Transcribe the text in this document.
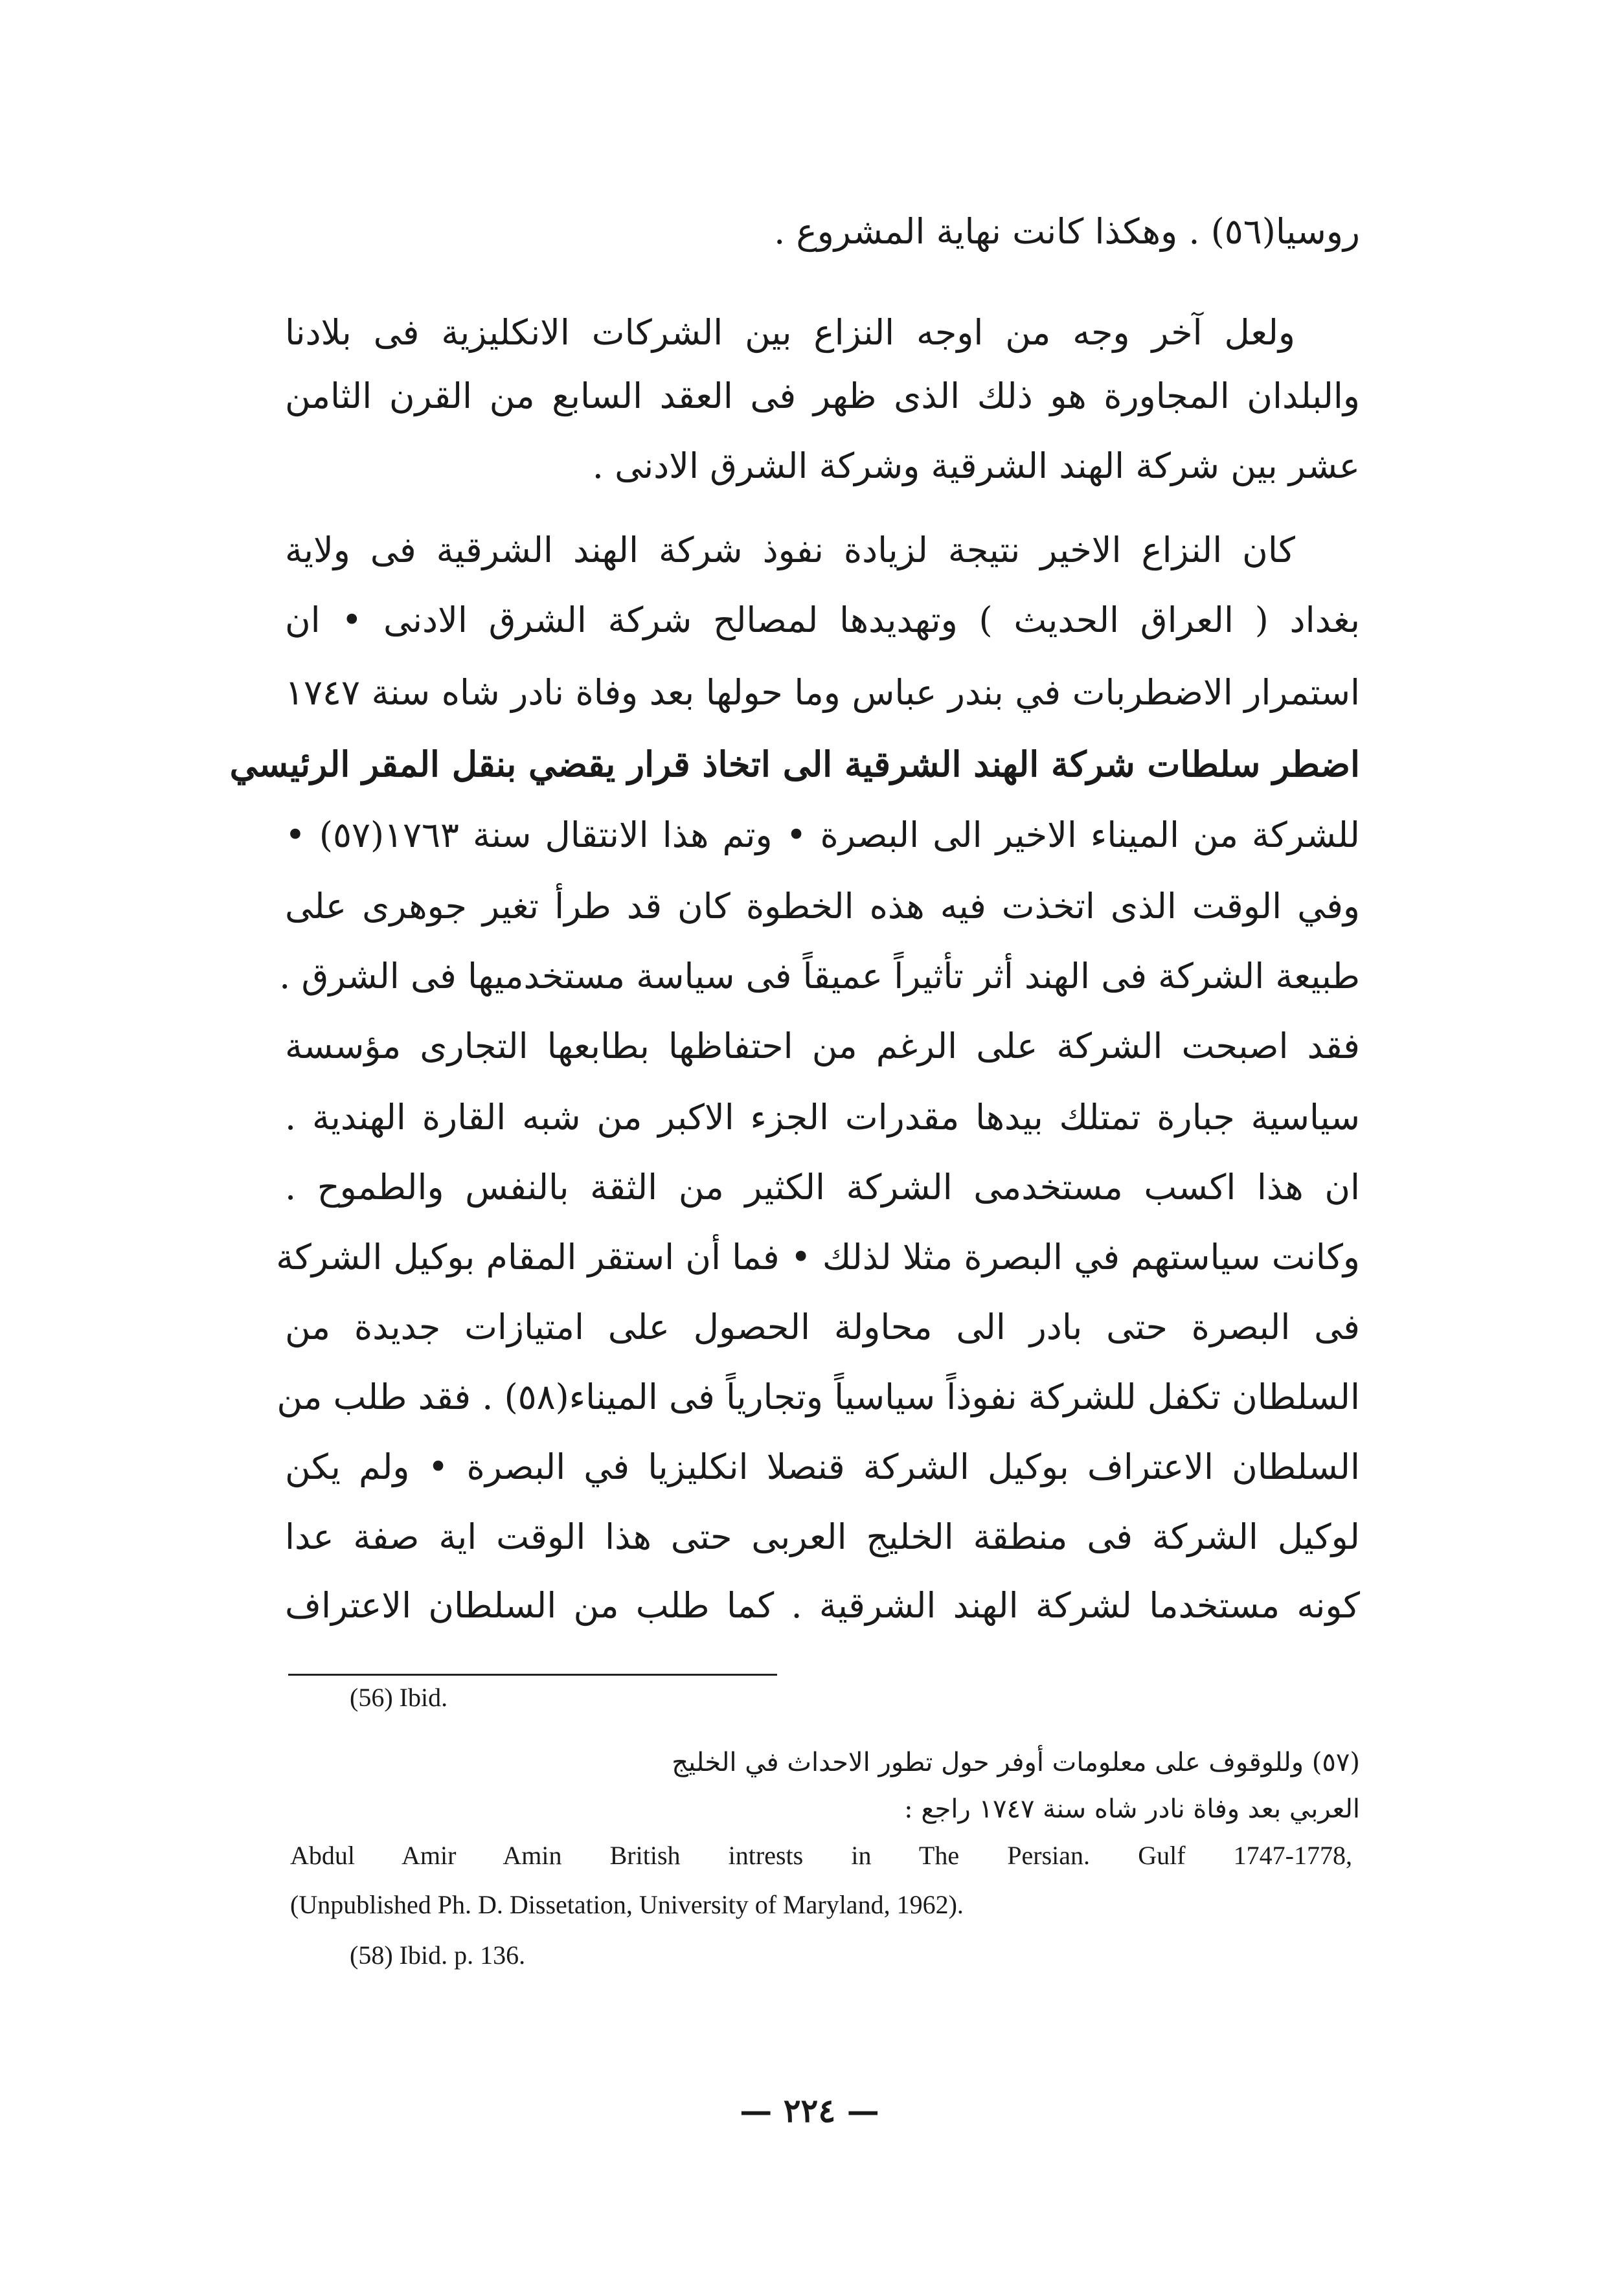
روسيا(٥٦) . وهكذا كانت نهاية المشروع .
ولعل آخر وجه من اوجه النزاع بين الشركات الانكليزية فى بلادنا
والبلدان المجاورة هو ذلك الذى ظهر فى العقد السابع من القرن الثامن
عشر بين شركة الهند الشرقية وشركة الشرق الادنى .
كان النزاع الاخير نتيجة لزيادة نفوذ شركة الهند الشرقية فى ولاية
بغداد ( العراق الحديث ) وتهديدها لمصالح شركة الشرق الادنى • ان
استمرار الاضطربات في بندر عباس وما حولها بعد وفاة نادر شاه سنة ١٧٤٧
اضطر سلطات شركة الهند الشرقية الى اتخاذ قرار يقضي بنقل المقر الرئيسي
للشركة من الميناء الاخير الى البصرة • وتم هذا الانتقال سنة ١٧٦٣(٥٧) •
وفي الوقت الذى اتخذت فيه هذه الخطوة كان قد طرأ تغير جوهرى على
طبيعة الشركة فى الهند أثر تأثيراً عميقاً فى سياسة مستخدميها فى الشرق .
فقد اصبحت الشركة على الرغم من احتفاظها بطابعها التجارى مؤسسة
سياسية جبارة تمتلك بيدها مقدرات الجزء الاكبر من شبه القارة الهندية .
ان هذا اكسب مستخدمى الشركة الكثير من الثقة بالنفس والطموح .
وكانت سياستهم في البصرة مثلا لذلك • فما أن استقر المقام بوكيل الشركة
فى البصرة حتى بادر الى محاولة الحصول على امتيازات جديدة من
السلطان تكفل للشركة نفوذاً سياسياً وتجارياً فى الميناء(٥٨) . فقد طلب من
السلطان الاعتراف بوكيل الشركة قنصلا انكليزيا في البصرة • ولم يكن
لوكيل الشركة فى منطقة الخليج العربى حتى هذا الوقت اية صفة عدا
كونه مستخدما لشركة الهند الشرقية . كما طلب من السلطان الاعتراف
(56) Ibid.
(٥٧) وللوقوف على معلومات أوفر حول تطور الاحداث في الخليج
العربي بعد وفاة نادر شاه سنة ١٧٤٧ راجع :
Abdul Amir Amin British intrests in The Persian. Gulf 1747-1778,
(Unpublished Ph. D. Dissetation, University of Maryland, 1962).
(58) Ibid. p. 136.
— ٢٢٤ —
